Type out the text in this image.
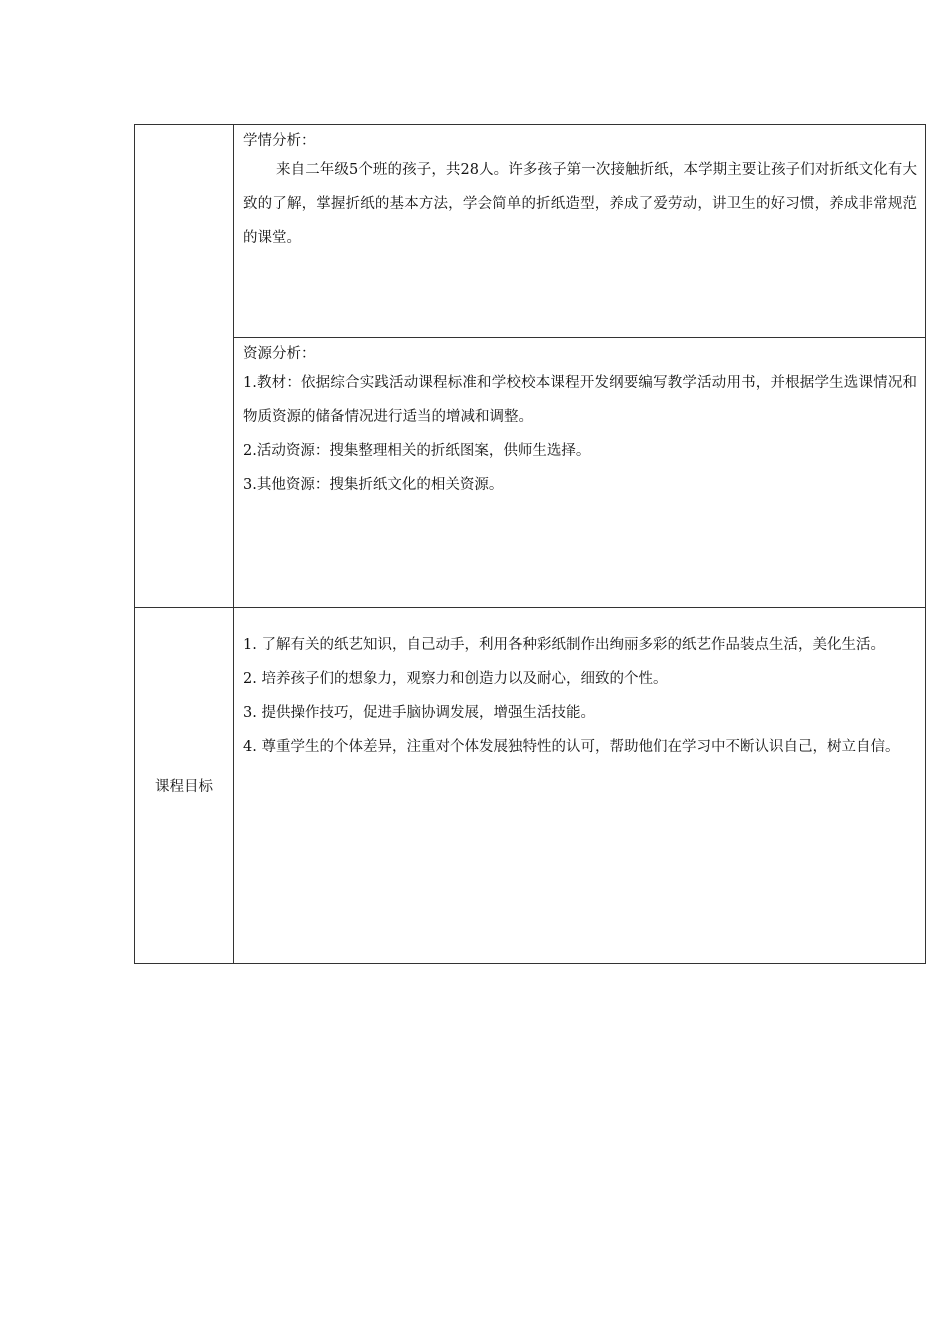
	学情分析：

来自二年级5个班的孩子，共28人。许多孩子第一次接触折纸，本学期主要让孩子们对折纸文化有大致的了解，掌握折纸的基本方法，学会简单的折纸造型，养成了爱劳动，讲卫生的好习惯，养成非常规范的课堂。

	资源分析：
1.教材：依据综合实践活动课程标准和学校校本课程开发纲要编写教学活动用书，并根据学生选课情况和物质资源的储备情况进行适当的增减和调整。
2.活动资源：搜集整理相关的折纸图案，供师生选择。
3.其他资源：搜集折纸文化的相关资源。

课程目标	1. 了解有关的纸艺知识，自己动手，利用各种彩纸制作出绚丽多彩的纸艺作品装点生活，美化生活。
2. 培养孩子们的想象力，观察力和创造力以及耐心，细致的个性。
3. 提供操作技巧，促进手脑协调发展，增强生活技能。
4. 尊重学生的个体差异，注重对个体发展独特性的认可，帮助他们在学习中不断认识自己，树立自信。
